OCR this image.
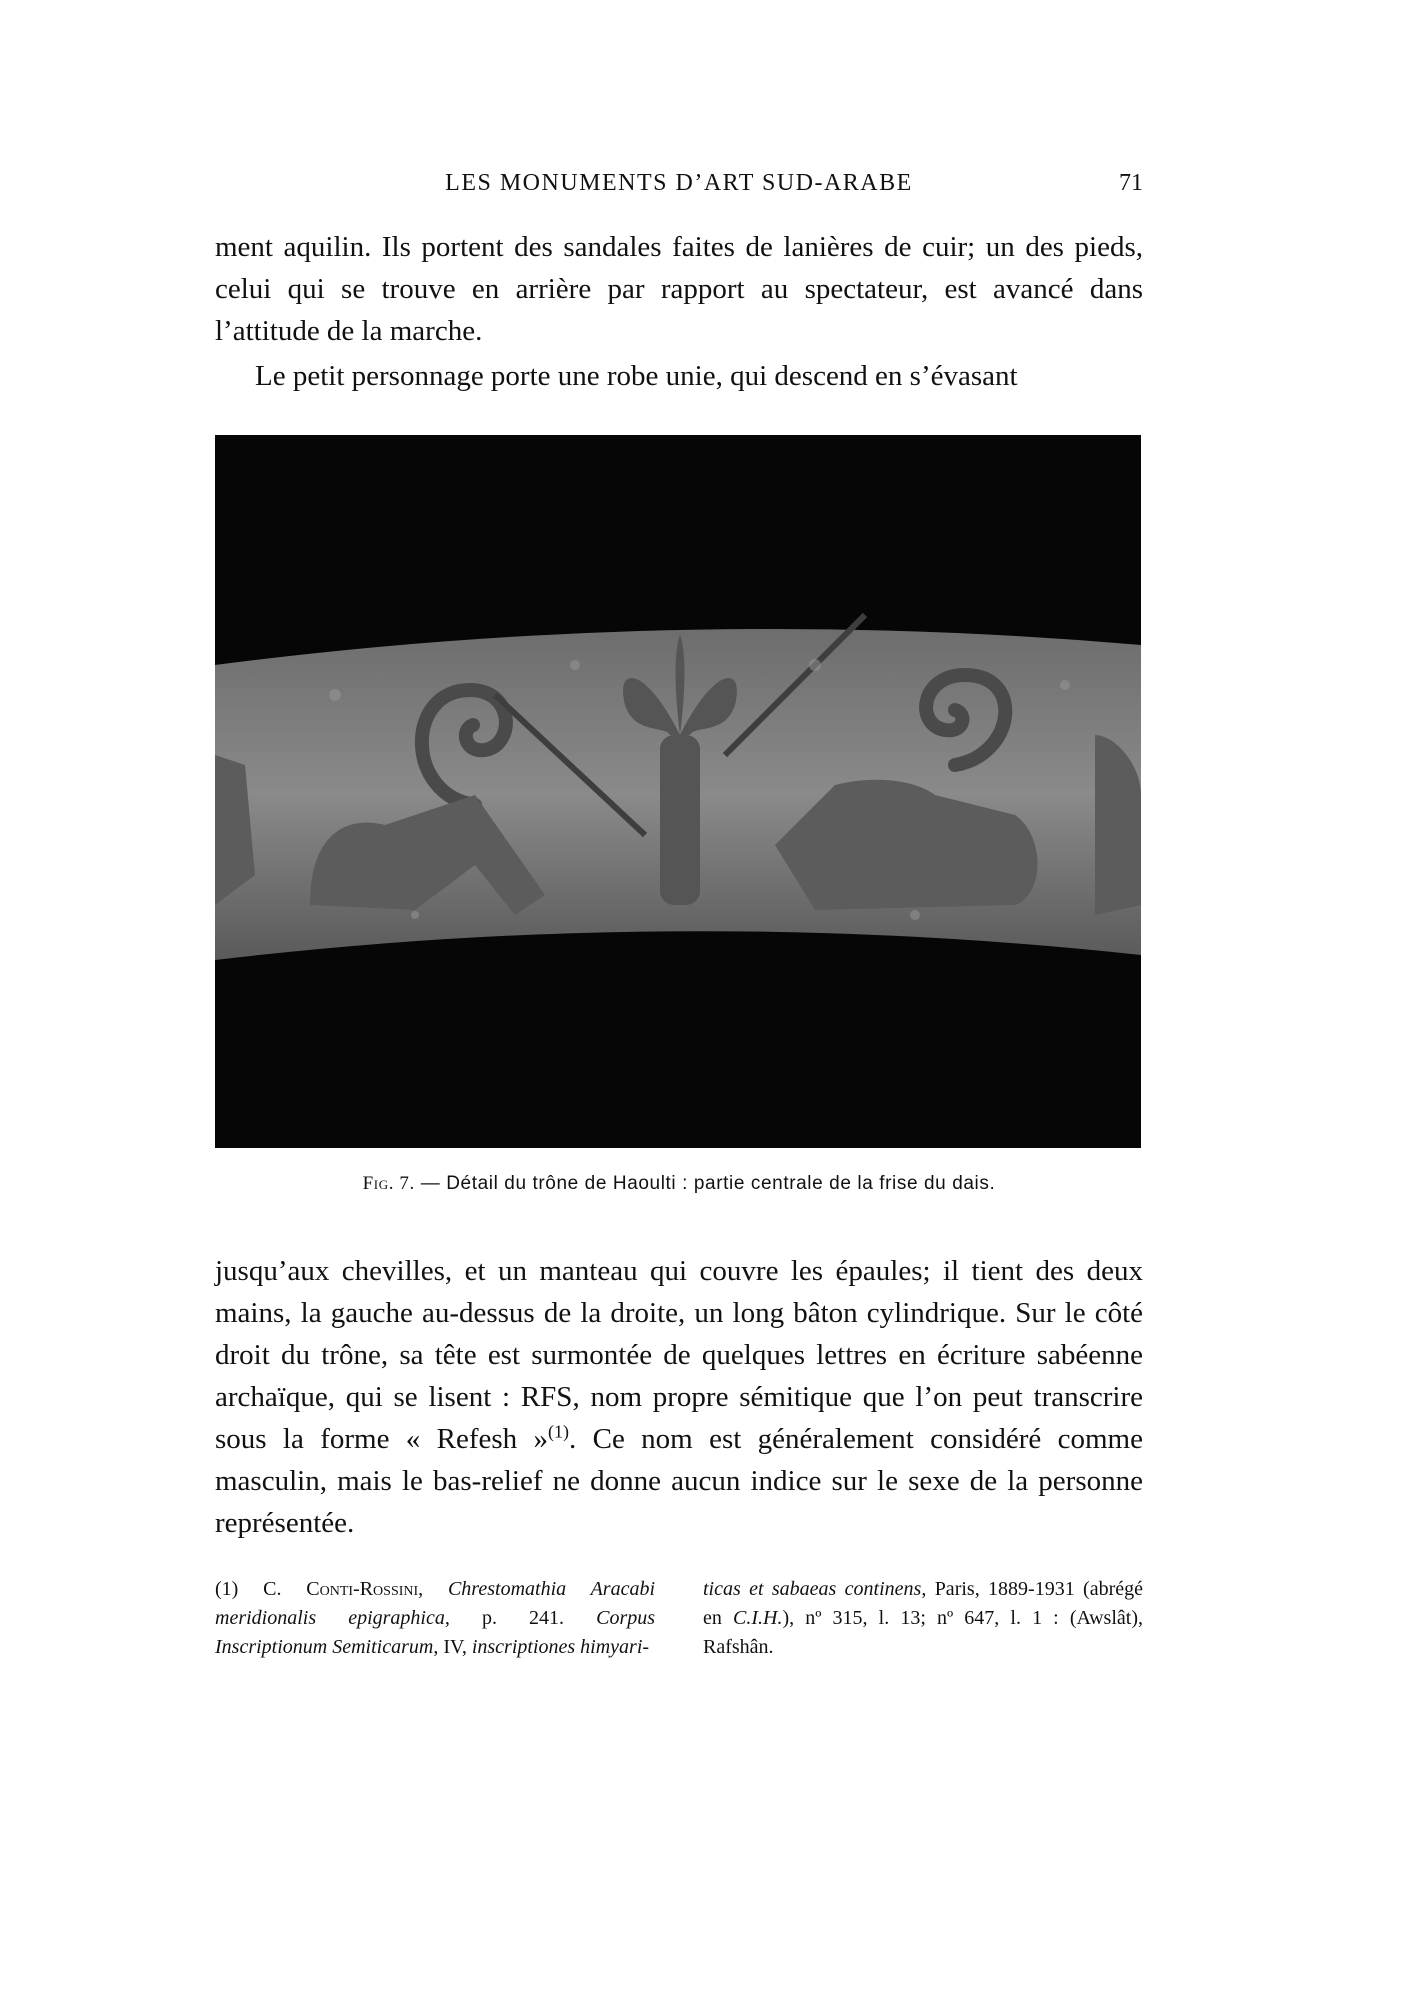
LES MONUMENTS D’ART SUD-ARABE	71

ment aquilin. Ils portent des sandales faites de lanières de cuir; un des pieds, celui qui se trouve en arrière par rapport au spectateur, est avancé dans l’attitude de la marche.

Le petit personnage porte une robe unie, qui descend en s’évasant

Fig. 7. — Détail du trône de Haoulti : partie centrale de la frise du dais.

jusqu’aux chevilles, et un manteau qui couvre les épaules; il tient des deux mains, la gauche au-dessus de la droite, un long bâton cylindrique. Sur le côté droit du trône, sa tête est surmontée de quelques lettres en écriture sabéenne archaïque, qui se lisent : RFS, nom propre sémitique que l’on peut transcrire sous la forme « Refesh »$^{(1)}$. Ce nom est généralement considéré comme masculin, mais le bas-relief ne donne aucun indice sur le sexe de la personne représentée.

(1) C. Conti-Rossini, Chrestomathia Aracabi meridionalis epigraphica, p. 241. Corpus Inscriptionum Semiticarum, IV, inscriptiones himyari-
ticas et sabaeas continens, Paris, 1889-1931 (abrégé en C.I.H.), nº 315, l. 13; nº 647, l. 1 : (Awslât), Rafshân.
